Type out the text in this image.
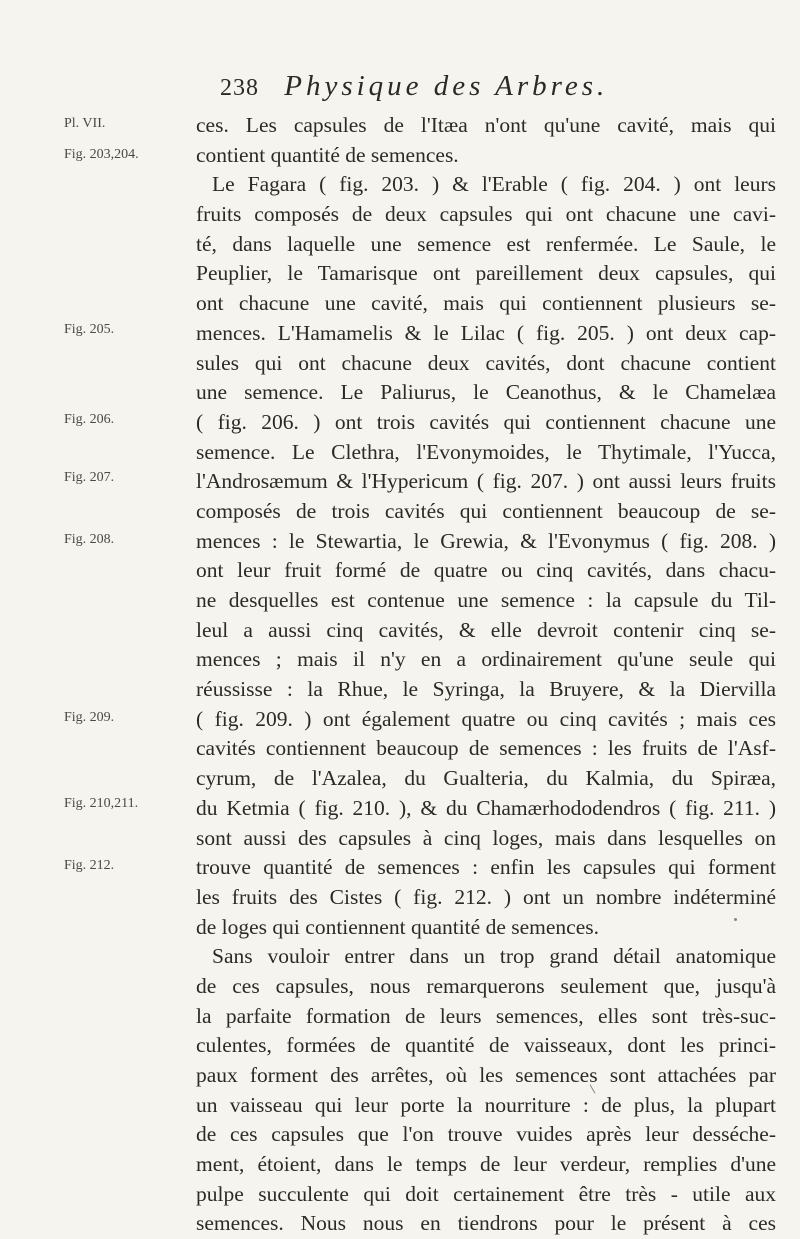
238 Physique des Arbres.
Pl. VII.
Fig. 203,204.
Fig. 205.
Fig. 206.
Fig. 207.
Fig. 208.
Fig. 209.
Fig. 210,211.
Fig. 212.
ces. Les capsules de l'Itæa n'ont qu'une cavité, mais qui
contient quantité de semences.
Le Fagara ( fig. 203. ) & l'Erable ( fig. 204. ) ont leurs
fruits composés de deux capsules qui ont chacune une cavi-
té, dans laquelle une semence est renfermée. Le Saule, le
Peuplier, le Tamarisque ont pareillement deux capsules, qui
ont chacune une cavité, mais qui contiennent plusieurs se-
mences. L'Hamamelis & le Lilac ( fig. 205. ) ont deux cap-
sules qui ont chacune deux cavités, dont chacune contient
une semence. Le Paliurus, le Ceanothus, & le Chamelæa
( fig. 206. ) ont trois cavités qui contiennent chacune une
semence. Le Clethra, l'Evonymoides, le Thytimale, l'Yucca,
l'Androsæmum & l'Hypericum ( fig. 207. ) ont aussi leurs fruits
composés de trois cavités qui contiennent beaucoup de se-
mences : le Stewartia, le Grewia, & l'Evonymus ( fig. 208. )
ont leur fruit formé de quatre ou cinq cavités, dans chacu-
ne desquelles est contenue une semence : la capsule du Til-
leul a aussi cinq cavités, & elle devroit contenir cinq se-
mences ; mais il n'y en a ordinairement qu'une seule qui
réussisse : la Rhue, le Syringa, la Bruyere, & la Diervilla
( fig. 209. ) ont également quatre ou cinq cavités ; mais ces
cavités contiennent beaucoup de semences : les fruits de l'Asf-
cyrum, de l'Azalea, du Gualteria, du Kalmia, du Spiræa,
du Ketmia ( fig. 210. ), & du Chamærhododendros ( fig. 211. )
sont aussi des capsules à cinq loges, mais dans lesquelles on
trouve quantité de semences : enfin les capsules qui forment
les fruits des Cistes ( fig. 212. ) ont un nombre indéterminé
de loges qui contiennent quantité de semences.
Sans vouloir entrer dans un trop grand détail anatomique
de ces capsules, nous remarquerons seulement que, jusqu'à
la parfaite formation de leurs semences, elles sont très-suc-
culentes, formées de quantité de vaisseaux, dont les princi-
paux forment des arrêtes, où les semences sont attachées par
un vaisseau qui leur porte la nourriture : de plus, la plupart
de ces capsules que l'on trouve vuides après leur desséche-
ment, étoient, dans le temps de leur verdeur, remplies d'une
pulpe succulente qui doit certainement être très - utile aux
semences. Nous nous en tiendrons pour le présent à ces
